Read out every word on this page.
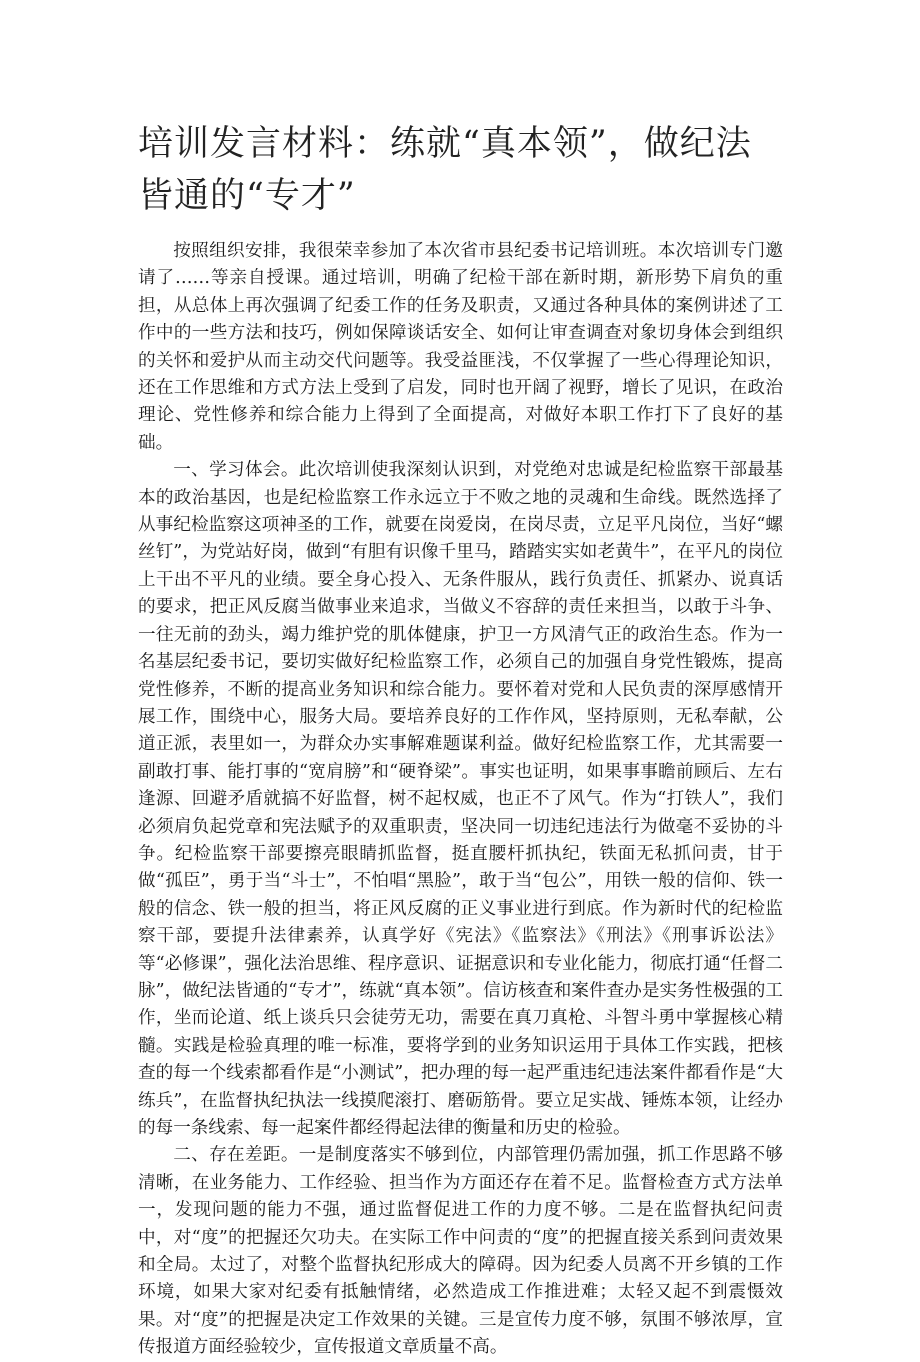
培训发言材料：练就“真本领”，做纪法皆通的“专才”

按照组织安排，我很荣幸参加了本次省市县纪委书记培训班。本次培训专门邀请了……等亲自授课。通过培训，明确了纪检干部在新时期，新形势下肩负的重担，从总体上再次强调了纪委工作的任务及职责，又通过各种具体的案例讲述了工作中的一些方法和技巧，例如保障谈话安全、如何让审查调查对象切身体会到组织的关怀和爱护从而主动交代问题等。我受益匪浅，不仅掌握了一些心得理论知识，还在工作思维和方式方法上受到了启发，同时也开阔了视野，增长了见识，在政治理论、党性修养和综合能力上得到了全面提高，对做好本职工作打下了良好的基础。

一、学习体会。此次培训使我深刻认识到，对党绝对忠诚是纪检监察干部最基本的政治基因，也是纪检监察工作永远立于不败之地的灵魂和生命线。既然选择了从事纪检监察这项神圣的工作，就要在岗爱岗，在岗尽责，立足平凡岗位，当好“螺丝钉”，为党站好岗，做到“有胆有识像千里马，踏踏实实如老黄牛”，在平凡的岗位上干出不平凡的业绩。要全身心投入、无条件服从，践行负责任、抓紧办、说真话的要求，把正风反腐当做事业来追求，当做义不容辞的责任来担当，以敢于斗争、一往无前的劲头，竭力维护党的肌体健康，护卫一方风清气正的政治生态。作为一名基层纪委书记，要切实做好纪检监察工作，必须自己的加强自身党性锻炼，提高党性修养，不断的提高业务知识和综合能力。要怀着对党和人民负责的深厚感情开展工作，围绕中心，服务大局。要培养良好的工作作风，坚持原则，无私奉献，公道正派，表里如一，为群众办实事解难题谋利益。做好纪检监察工作，尤其需要一副敢打事、能打事的“宽肩膀”和“硬脊梁”。事实也证明，如果事事瞻前顾后、左右逢源、回避矛盾就搞不好监督，树不起权威，也正不了风气。作为“打铁人”，我们必须肩负起党章和宪法赋予的双重职责，坚决同一切违纪违法行为做毫不妥协的斗争。纪检监察干部要擦亮眼睛抓监督，挺直腰杆抓执纪，铁面无私抓问责，甘于做“孤臣”，勇于当“斗士”，不怕唱“黑脸”，敢于当“包公”，用铁一般的信仰、铁一般的信念、铁一般的担当，将正风反腐的正义事业进行到底。作为新时代的纪检监察干部，要提升法律素养，认真学好《宪法》《监察法》《刑法》《刑事诉讼法》等“必修课”，强化法治思维、程序意识、证据意识和专业化能力，彻底打通“任督二脉”，做纪法皆通的“专才”，练就“真本领”。信访核查和案件查办是实务性极强的工作，坐而论道、纸上谈兵只会徒劳无功，需要在真刀真枪、斗智斗勇中掌握核心精髓。实践是检验真理的唯一标准，要将学到的业务知识运用于具体工作实践，把核查的每一个线索都看作是“小测试”，把办理的每一起严重违纪违法案件都看作是“大练兵”，在监督执纪执法一线摸爬滚打、磨砺筋骨。要立足实战、锤炼本领，让经办的每一条线索、每一起案件都经得起法律的衡量和历史的检验。

二、存在差距。一是制度落实不够到位，内部管理仍需加强，抓工作思路不够清晰，在业务能力、工作经验、担当作为方面还存在着不足。监督检查方式方法单一，发现问题的能力不强，通过监督促进工作的力度不够。二是在监督执纪问责中，对“度”的把握还欠功夫。在实际工作中问责的“度”的把握直接关系到问责效果和全局。太过了，对整个监督执纪形成大的障碍。因为纪委人员离不开乡镇的工作环境，如果大家对纪委有抵触情绪，必然造成工作推进难；太轻又起不到震慑效果。对“度”的把握是决定工作效果的关键。三是宣传力度不够，氛围不够浓厚，宣传报道方面经验较少，宣传报道文章质量不高。
